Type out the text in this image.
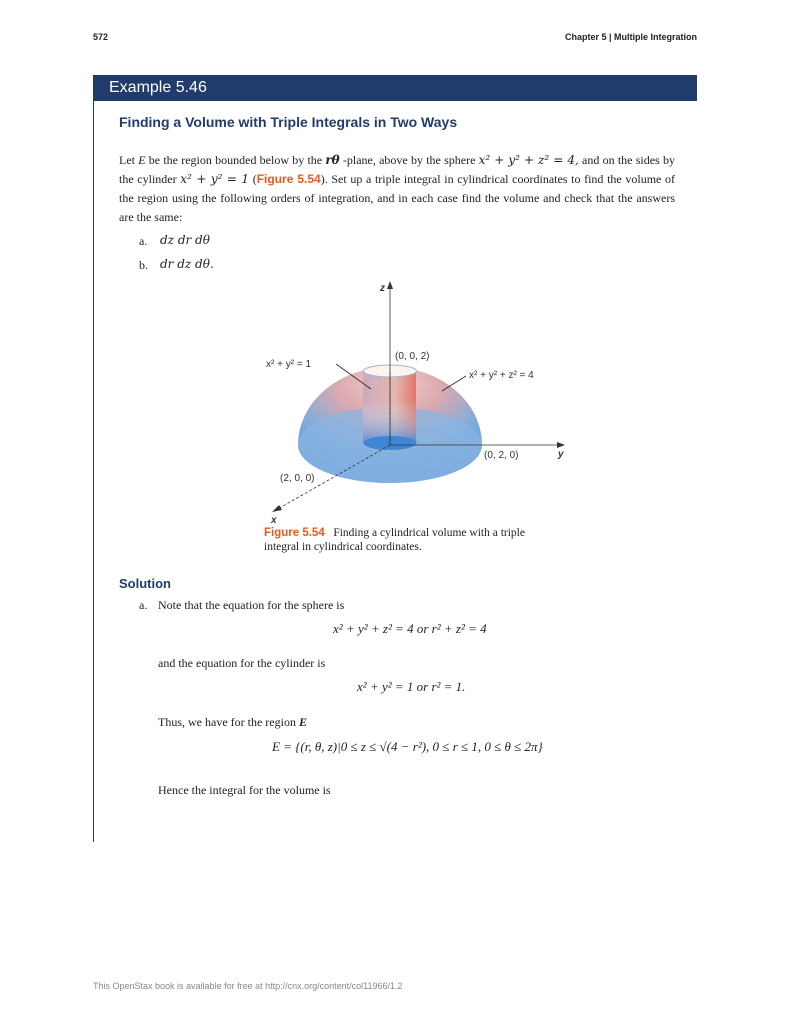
572	Chapter 5 | Multiple Integration
Example 5.46
Finding a Volume with Triple Integrals in Two Ways
Let E be the region bounded below by the rθ -plane, above by the sphere x² + y² + z² = 4, and on the sides by the cylinder x² + y² = 1 (Figure 5.54). Set up a triple integral in cylindrical coordinates to find the volume of the region using the following orders of integration, and in each case find the volume and check that the answers are the same:
a. dz dr dθ
b. dr dz dθ.
z
y
x
(0, 0, 2)
(0, 2, 0)
(2, 0, 0)
x² + y² = 1
x² + y² + z² = 4
Figure 5.54 Finding a cylindrical volume with a triple integral in cylindrical coordinates.
Solution
a. Note that the equation for the sphere is
x² + y² + z² = 4 or r² + z² = 4
and the equation for the cylinder is
x² + y² = 1 or r² = 1.
Thus, we have for the region E
E = {(r, θ, z)|0 ≤ z ≤ √(4 − r²), 0 ≤ r ≤ 1, 0 ≤ θ ≤ 2π}
Hence the integral for the volume is
This OpenStax book is available for free at http://cnx.org/content/col11966/1.2
